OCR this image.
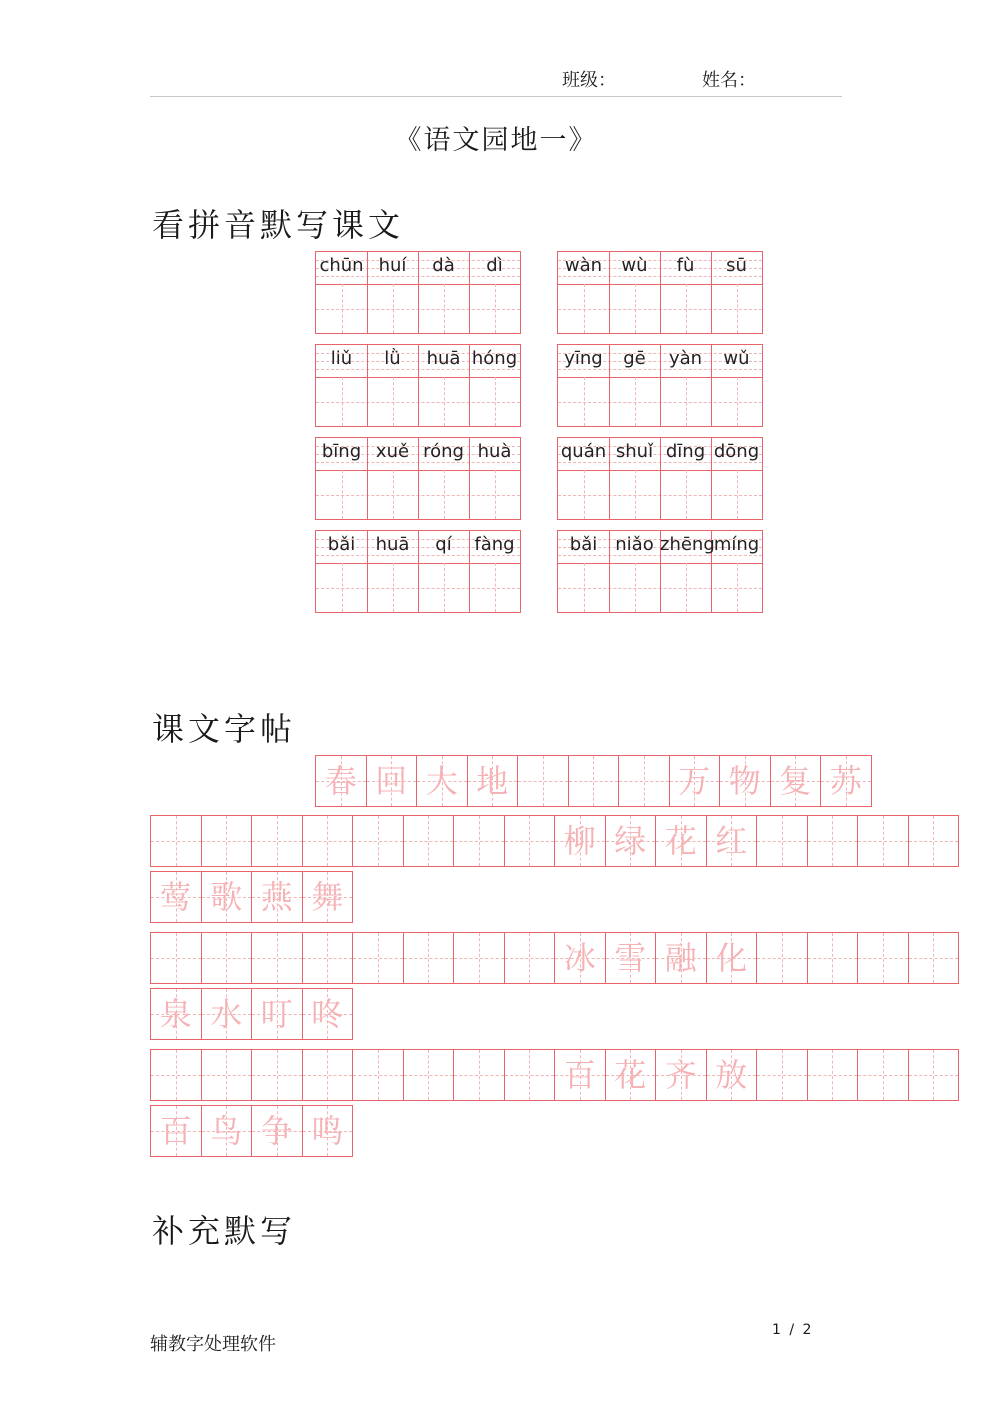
班级：	姓名：
《语文园地一》
看拼音默写课文
chūn huí	dà	dì	wàn	wù	fù	sū
liǔ	lǜ	huā hóng	yīng	gē	yàn	wǔ
bīng xuě róng huà	quán shuǐ dīng dōng
bǎi	huā	qí	fàng	bǎi	niǎo zhēng míng
课文字帖
春 回 大 地	万 物 复 苏
柳 绿 花 红
莺 歌 燕 舞
冰 雪 融 化
泉 水 叮 咚
百 花 齐 放
百 鸟 争 鸣
补充默写
辅教字处理软件
1 / 2
